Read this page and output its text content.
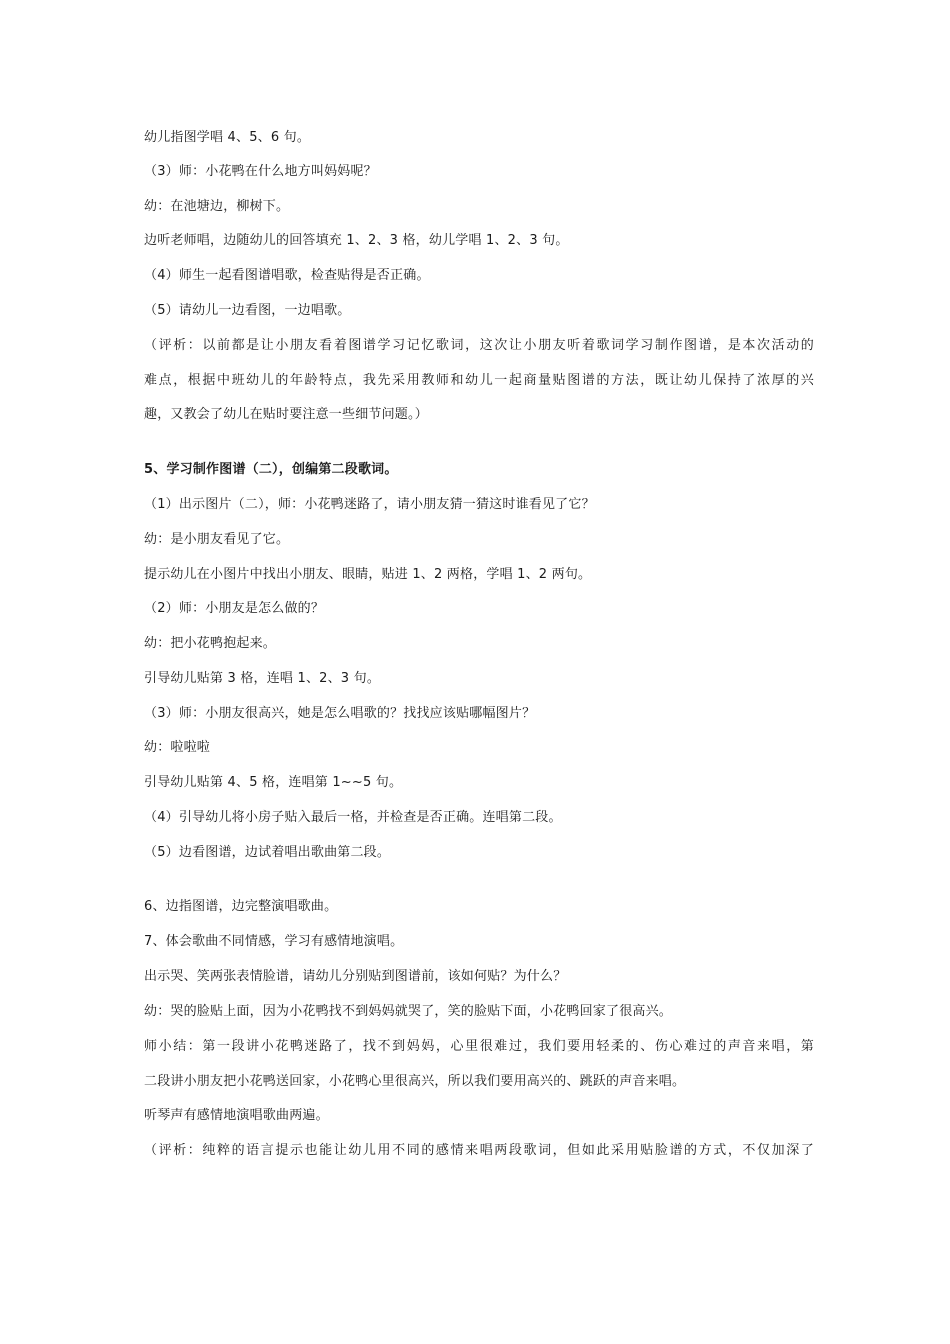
幼儿指图学唱 4、5、6 句。
（3）师：小花鸭在什么地方叫妈妈呢？
幼：在池塘边，柳树下。
边听老师唱，边随幼儿的回答填充 1、2、3 格，幼儿学唱 1、2、3 句。
（4）师生一起看图谱唱歌，检查贴得是否正确。
（5）请幼儿一边看图，一边唱歌。
（评析：以前都是让小朋友看着图谱学习记忆歌词，这次让小朋友听着歌词学习制作图谱，是本次活动的
难点，根据中班幼儿的年龄特点，我先采用教师和幼儿一起商量贴图谱的方法，既让幼儿保持了浓厚的兴
趣，又教会了幼儿在贴时要注意一些细节问题。）
5、学习制作图谱（二），创编第二段歌词。
（1）出示图片（二），师：小花鸭迷路了，请小朋友猜一猜这时谁看见了它？
幼：是小朋友看见了它。
提示幼儿在小图片中找出小朋友、眼睛，贴进 1、2 两格，学唱 1、2 两句。
（2）师：小朋友是怎么做的？
幼：把小花鸭抱起来。
引导幼儿贴第 3 格，连唱 1、2、3 句。
（3）师：小朋友很高兴，她是怎么唱歌的？找找应该贴哪幅图片？
幼：啦啦啦
引导幼儿贴第 4、5 格，连唱第 1~~5 句。
（4）引导幼儿将小房子贴入最后一格，并检查是否正确。连唱第二段。
（5）边看图谱，边试着唱出歌曲第二段。
6、边指图谱，边完整演唱歌曲。
7、体会歌曲不同情感，学习有感情地演唱。
出示哭、笑两张表情脸谱，请幼儿分别贴到图谱前，该如何贴？为什么？
幼：哭的脸贴上面，因为小花鸭找不到妈妈就哭了，笑的脸贴下面，小花鸭回家了很高兴。
师小结：第一段讲小花鸭迷路了，找不到妈妈，心里很难过，我们要用轻柔的、伤心难过的声音来唱，第
二段讲小朋友把小花鸭送回家，小花鸭心里很高兴，所以我们要用高兴的、跳跃的声音来唱。
听琴声有感情地演唱歌曲两遍。
（评析：纯粹的语言提示也能让幼儿用不同的感情来唱两段歌词，但如此采用贴脸谱的方式，不仅加深了
